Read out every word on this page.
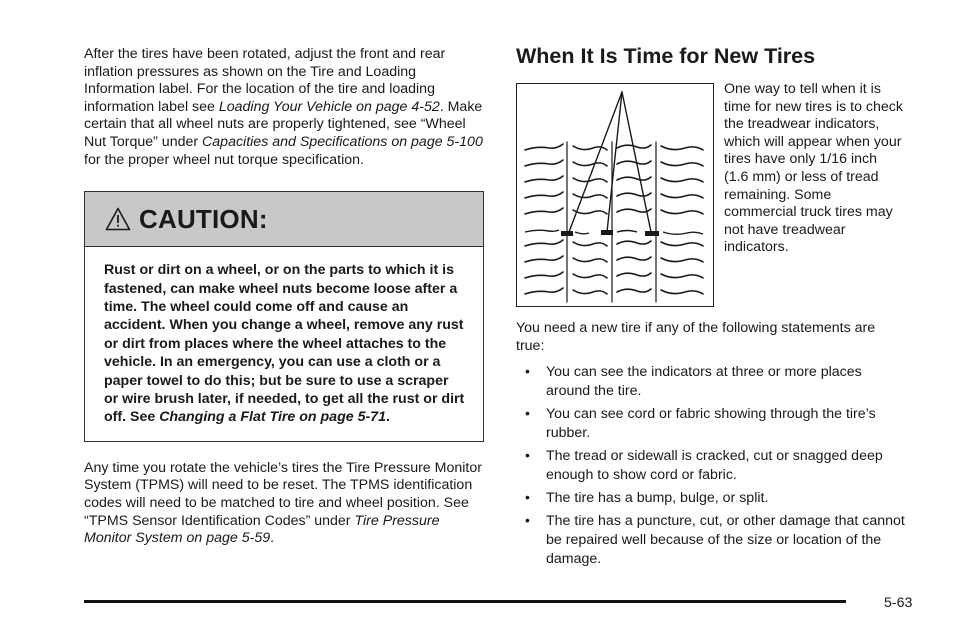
After the tires have been rotated, adjust the front and rear inflation pressures as shown on the Tire and Loading Information label. For the location of the tire and loading information label see Loading Your Vehicle on page 4-52. Make certain that all wheel nuts are properly tightened, see “Wheel Nut Torque” under Capacities and Specifications on page 5-100 for the proper wheel nut torque specification.

CAUTION:
Rust or dirt on a wheel, or on the parts to which it is fastened, can make wheel nuts become loose after a time. The wheel could come off and cause an accident. When you change a wheel, remove any rust or dirt from places where the wheel attaches to the vehicle. In an emergency, you can use a cloth or a paper towel to do this; but be sure to use a scraper or wire brush later, if needed, to get all the rust or dirt off. See Changing a Flat Tire on page 5-71.

Any time you rotate the vehicle’s tires the Tire Pressure Monitor System (TPMS) will need to be reset. The TPMS identification codes will need to be matched to tire and wheel position. See “TPMS Sensor Identification Codes” under Tire Pressure Monitor System on page 5-59.

When It Is Time for New Tires

One way to tell when it is time for new tires is to check the treadwear indicators, which will appear when your tires have only 1/16 inch (1.6 mm) or less of tread remaining. Some commercial truck tires may not have treadwear indicators.

You need a new tire if any of the following statements are true:

• You can see the indicators at three or more places around the tire.
• You can see cord or fabric showing through the tire’s rubber.
• The tread or sidewall is cracked, cut or snagged deep enough to show cord or fabric.
• The tire has a bump, bulge, or split.
• The tire has a puncture, cut, or other damage that cannot be repaired well because of the size or location of the damage.
5-63
